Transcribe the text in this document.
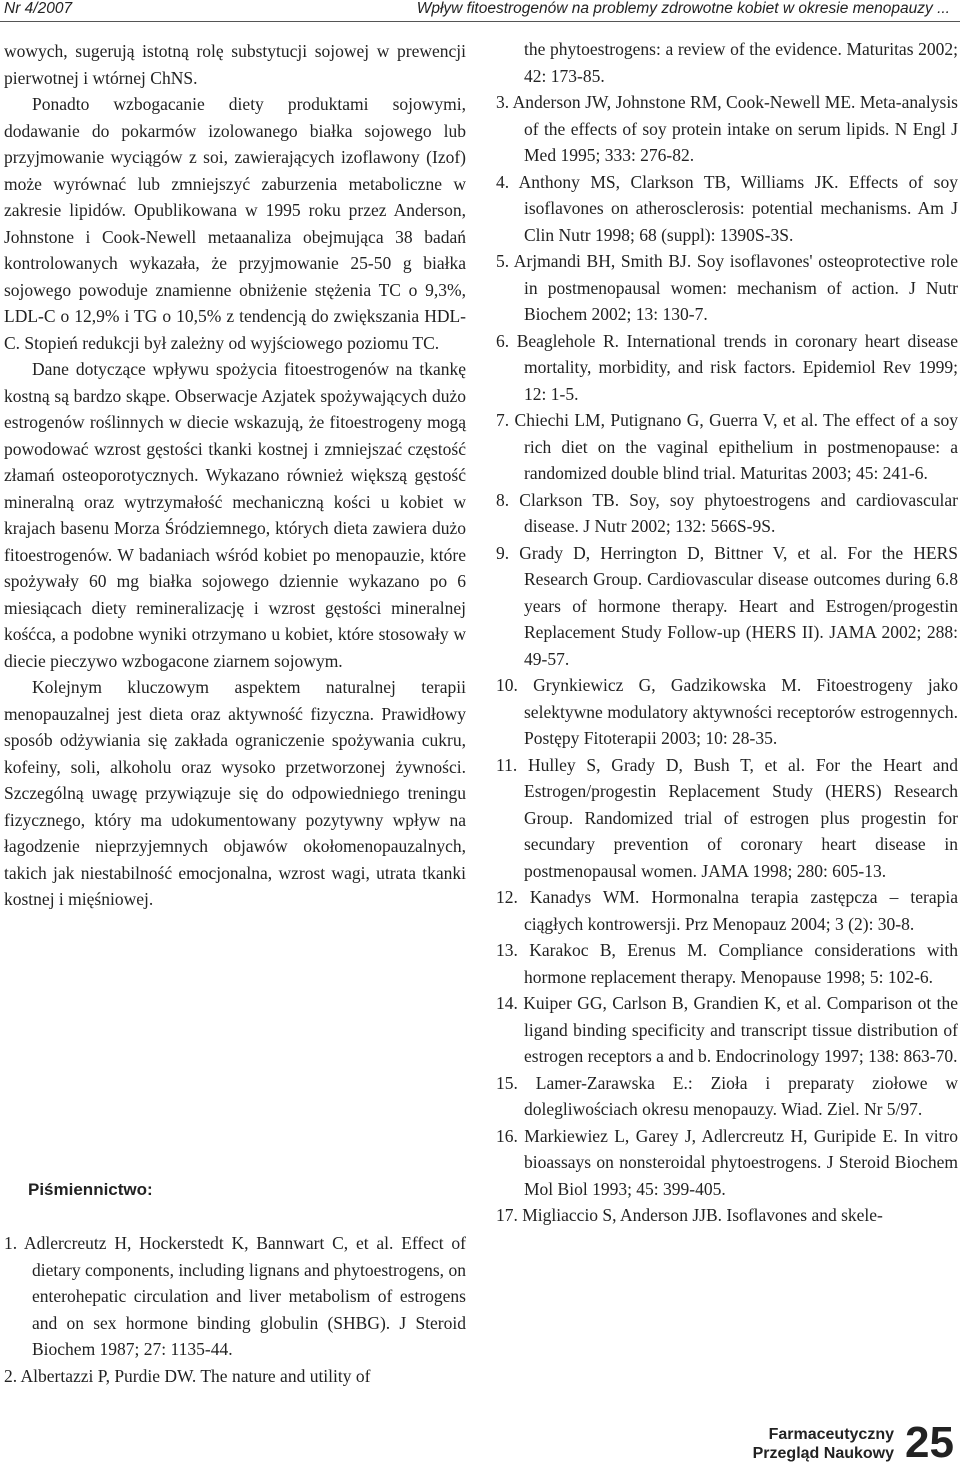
Nr 4/2007	Wpływ fitoestrogenów na problemy zdrowotne kobiet w okresie menopauzy ...

wowych, sugerują istotną rolę substytucji sojowej w prewencji pierwotnej i wtórnej ChNS.

Ponadto wzbogacanie diety produktami sojowymi, dodawanie do pokarmów izolowanego białka sojowego lub przyjmowanie wyciągów z soi, zawierających izoflawony (Izof) może wyrównać lub zmniejszyć zaburzenia metaboliczne w zakresie lipidów. Opublikowana w 1995 roku przez Anderson, Johnstone i Cook-Newell metaanaliza obejmująca 38 badań kontrolowanych wykazała, że przyjmowanie 25-50 g białka sojowego powoduje znamienne obniżenie stężenia TC o 9,3%, LDL-C o 12,9% i TG o 10,5% z tendencją do zwiększania HDL-C. Stopień redukcji był zależny od wyjściowego poziomu TC.

Dane dotyczące wpływu spożycia fitoestrogenów na tkankę kostną są bardzo skąpe. Obserwacje Azjatek spożywających dużo estrogenów roślinnych w diecie wskazują, że fitoestrogeny mogą powodować wzrost gęstości tkanki kostnej i zmniejszać częstość złamań osteoporotycznych. Wykazano również większą gęstość mineralną oraz wytrzymałość mechaniczną kości u kobiet w krajach basenu Morza Śródziemnego, których dieta zawiera dużo fitoestrogenów. W badaniach wśród kobiet po menopauzie, które spożywały 60 mg białka sojowego dziennie wykazano po 6 miesiącach diety remineralizację i wzrost gęstości mineralnej kośćca, a podobne wyniki otrzymano u kobiet, które stosowały w diecie pieczywo wzbogacone ziarnem sojowym.

Kolejnym kluczowym aspektem naturalnej terapii menopauzalnej jest dieta oraz aktywność fizyczna. Prawidłowy sposób odżywiania się zakłada ograniczenie spożywania cukru, kofeiny, soli, alkoholu oraz wysoko przetworzonej żywności. Szczególną uwagę przywiązuje się do odpowiedniego treningu fizycznego, który ma udokumentowany pozytywny wpływ na łagodzenie nieprzyjemnych objawów okołomenopauzalnych, takich jak niestabilność emocjonalna, wzrost wagi, utrata tkanki kostnej i mięśniowej.

Piśmiennictwo:
1. Adlercreutz H, Hockerstedt K, Bannwart C, et al. Effect of dietary components, including lignans and phytoestrogens, on enterohepatic circulation and liver metabolism of estrogens and on sex hormone binding globulin (SHBG). J Steroid Biochem 1987; 27: 1135-44.
2. Albertazzi P, Purdie DW. The nature and utility of
the phytoestrogens: a review of the evidence. Maturitas 2002; 42: 173-85.
3. Anderson JW, Johnstone RM, Cook-Newell ME. Meta-analysis of the effects of soy protein intake on serum lipids. N Engl J Med 1995; 333: 276-82.
4. Anthony MS, Clarkson TB, Williams JK. Effects of soy isoflavones on atherosclerosis: potential mechanisms. Am J Clin Nutr 1998; 68 (suppl): 1390S-3S.
5. Arjmandi BH, Smith BJ. Soy isoflavones' osteoprotective role in postmenopausal women: mechanism of action. J Nutr Biochem 2002; 13: 130-7.
6. Beaglehole R. International trends in coronary heart disease mortality, morbidity, and risk factors. Epidemiol Rev 1999; 12: 1-5.
7. Chiechi LM, Putignano G, Guerra V, et al. The effect of a soy rich diet on the vaginal epithelium in postmenopause: a randomized double blind trial. Maturitas 2003; 45: 241-6.
8. Clarkson TB. Soy, soy phytoestrogens and cardiovascular disease. J Nutr 2002; 132: 566S-9S.
9. Grady D, Herrington D, Bittner V, et al. For the HERS Research Group. Cardiovascular disease outcomes during 6.8 years of hormone therapy. Heart and Estrogen/progestin Replacement Study Follow-up (HERS II). JAMA 2002; 288: 49-57.
10. Grynkiewicz G, Gadzikowska M. Fitoestrogeny jako selektywne modulatory aktywności receptorów estrogennych. Postępy Fitoterapii 2003; 10: 28-35.
11. Hulley S, Grady D, Bush T, et al. For the Heart and Estrogen/progestin Replacement Study (HERS) Research Group. Randomized trial of estrogen plus progestin for secundary prevention of coronary heart disease in postmenopausal women. JAMA 1998; 280: 605-13.
12. Kanadys WM. Hormonalna terapia zastępcza – terapia ciągłych kontrowersji. Prz Menopauz 2004; 3 (2): 30-8.
13. Karakoc B, Erenus M. Compliance considerations with hormone replacement therapy. Menopause 1998; 5: 102-6.
14. Kuiper GG, Carlson B, Grandien K, et al. Comparison ot the ligand binding specificity and transcript tissue distribution of estrogen receptors a and b. Endocrinology 1997; 138: 863-70.
15. Lamer-Zarawska E.: Zioła i preparaty ziołowe w dolegliwościach okresu menopauzy. Wiad. Ziel. Nr 5/97.
16. Markiewiez L, Garey J, Adlercreutz H, Guripide E. In vitro bioassays on nonsteroidal phytoestrogens. J Steroid Biochem Mol Biol 1993; 45: 399-405.
17. Migliaccio S, Anderson JJB. Isoflavones and skele-
Farmaceutyczny
Przegląd Naukowy 25
